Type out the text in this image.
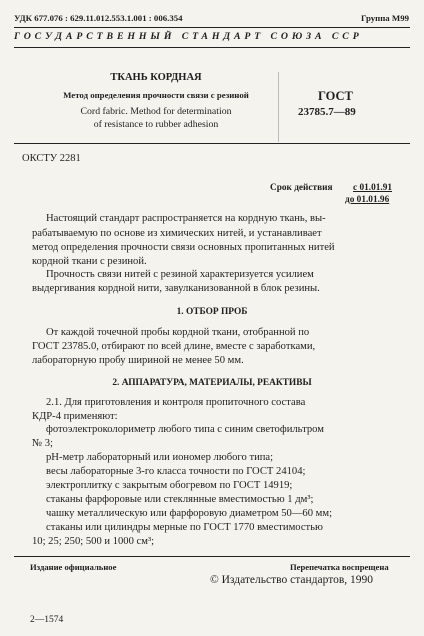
УДК 677.076 : 629.11.012.553.1.001 : 006.354	Группа М99
ГОСУДАРСТВЕННЫЙ СТАНДАРТ СОЮЗА ССР
ТКАНЬ КОРДНАЯ
Метод определения прочности связи с резиной
Cord fabric. Method for determination
of resistance to rubber adhesion
ГОСТ
23785.7—89
ОКСТУ 2281
Срок действия с 01.01.91
до 01.01.96
Настоящий стандарт распространяется на кордную ткань, вы-
рабатываемую по основе из химических нитей, и устанавливает
метод определения прочности связи основных пропитанных нитей
кордной ткани с резиной.
Прочность связи нитей с резиной характеризуется усилием
выдергивания кордной нити, завулканизованной в блок резины.
1. ОТБОР ПРОБ
От каждой точечной пробы кордной ткани, отобранной по
ГОСТ 23785.0, отбирают по всей длине, вместе с заработками,
лабораторную пробу шириной не менее 50 мм.
2. АППАРАТУРА, МАТЕРИАЛЫ, РЕАКТИВЫ
2.1. Для приготовления и контроля пропиточного состава
КДР-4 применяют:
фотоэлектроколориметр любого типа с синим светофильтром
№ 3;
рН-метр лабораторный или иономер любого типа;
весы лабораторные 3-го класса точности по ГОСТ 24104;
электроплитку с закрытым обогревом по ГОСТ 14919;
стаканы фарфоровые или стеклянные вместимостью 1 дм³;
чашку металлическую или фарфоровую диаметром 50—60 мм;
стаканы или цилиндры мерные по ГОСТ 1770 вместимостью
10; 25; 250; 500 и 1000 см³;
Издание официальное	Перепечатка воспрещена
© Издательство стандартов, 1990
2—1574
